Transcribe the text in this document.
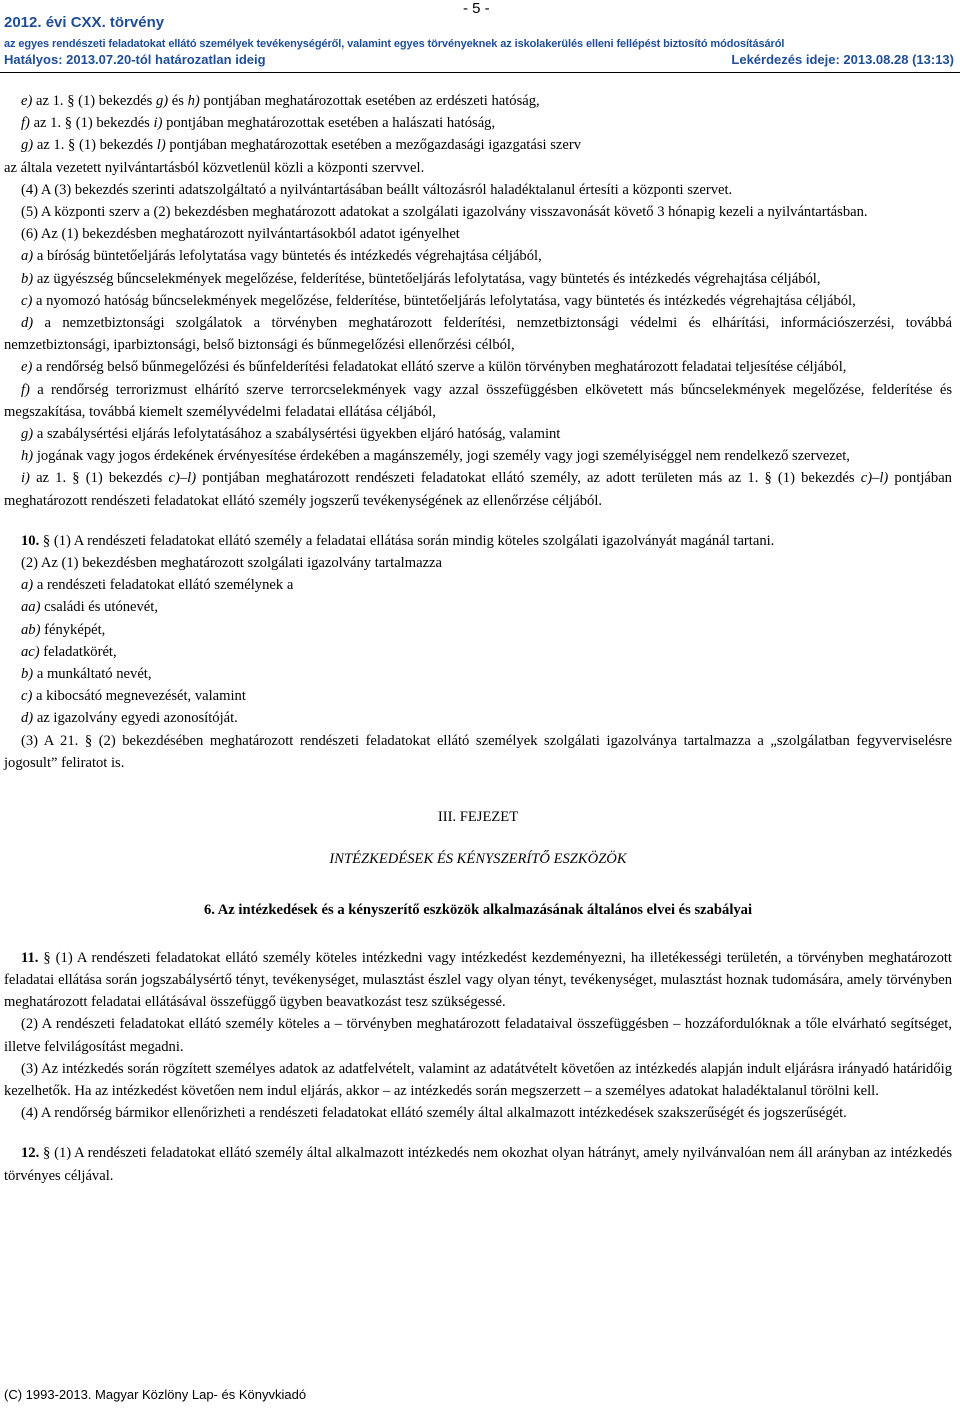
- 5 -
2012. évi CXX. törvény
az egyes rendészeti feladatokat ellátó személyek tevékenységéről, valamint egyes törvényeknek az iskolakerülés elleni fellépést biztosító módosításáról
Hatályos: 2013.07.20-tól határozatlan ideig	Lekérdezés ideje: 2013.08.28 (13:13)

e) az 1. § (1) bekezdés g) és h) pontjában meghatározottak esetében az erdészeti hatóság,

f) az 1. § (1) bekezdés i) pontjában meghatározottak esetében a halászati hatóság,

g) az 1. § (1) bekezdés l) pontjában meghatározottak esetében a mezőgazdasági igazgatási szerv

az általa vezetett nyilvántartásból közvetlenül közli a központi szervvel.

(4) A (3) bekezdés szerinti adatszolgáltató a nyilvántartásában beállt változásról haladéktalanul értesíti a központi szervet.

(5) A központi szerv a (2) bekezdésben meghatározott adatokat a szolgálati igazolvány visszavonását követő 3 hónapig kezeli a nyilvántartásban.

(6) Az (1) bekezdésben meghatározott nyilvántartásokból adatot igényelhet

a) a bíróság büntetőeljárás lefolytatása vagy büntetés és intézkedés végrehajtása céljából,

b) az ügyészség bűncselekmények megelőzése, felderítése, büntetőeljárás lefolytatása, vagy büntetés és intézkedés végrehajtása céljából,

c) a nyomozó hatóság bűncselekmények megelőzése, felderítése, büntetőeljárás lefolytatása, vagy büntetés és intézkedés végrehajtása céljából,

d) a nemzetbiztonsági szolgálatok a törvényben meghatározott felderítési, nemzetbiztonsági védelmi és elhárítási, információszerzési, továbbá nemzetbiztonsági, iparbiztonsági, belső biztonsági és bűnmegelőzési ellenőrzési célból,

e) a rendőrség belső bűnmegelőzési és bűnfelderítési feladatokat ellátó szerve a külön törvényben meghatározott feladatai teljesítése céljából,

f) a rendőrség terrorizmust elhárító szerve terrorcselekmények vagy azzal összefüggésben elkövetett más bűncselekmények megelőzése, felderítése és megszakítása, továbbá kiemelt személyvédelmi feladatai ellátása céljából,

g) a szabálysértési eljárás lefolytatásához a szabálysértési ügyekben eljáró hatóság, valamint

h) jogának vagy jogos érdekének érvényesítése érdekében a magánszemély, jogi személy vagy jogi személyiséggel nem rendelkező szervezet,

i) az 1. § (1) bekezdés c)–l) pontjában meghatározott rendészeti feladatokat ellátó személy, az adott területen más az 1. § (1) bekezdés c)–l) pontjában meghatározott rendészeti feladatokat ellátó személy jogszerű tevékenységének az ellenőrzése céljából.

10. § (1) A rendészeti feladatokat ellátó személy a feladatai ellátása során mindig köteles szolgálati igazolványát magánál tartani.

(2) Az (1) bekezdésben meghatározott szolgálati igazolvány tartalmazza

a) a rendészeti feladatokat ellátó személynek a

aa) családi és utónevét,

ab) fényképét,

ac) feladatkörét,

b) a munkáltató nevét,

c) a kibocsátó megnevezését, valamint

d) az igazolvány egyedi azonosítóját.

(3) A 21. § (2) bekezdésében meghatározott rendészeti feladatokat ellátó személyek szolgálati igazolványa tartalmazza a „szolgálatban fegyverviselésre jogosult” feliratot is.

III. FEJEZET

INTÉZKEDÉSEK ÉS KÉNYSZERÍTŐ ESZKÖZÖK

6. Az intézkedések és a kényszerítő eszközök alkalmazásának általános elvei és szabályai

11. § (1) A rendészeti feladatokat ellátó személy köteles intézkedni vagy intézkedést kezdeményezni, ha illetékességi területén, a törvényben meghatározott feladatai ellátása során jogszabálysértő tényt, tevékenységet, mulasztást észlel vagy olyan tényt, tevékenységet, mulasztást hoznak tudomására, amely törvényben meghatározott feladatai ellátásával összefüggő ügyben beavatkozást tesz szükségessé.

(2) A rendészeti feladatokat ellátó személy köteles a – törvényben meghatározott feladataival összefüggésben – hozzáfordulóknak a tőle elvárható segítséget, illetve felvilágosítást megadni.

(3) Az intézkedés során rögzített személyes adatok az adatfelvételt, valamint az adatátvételt követően az intézkedés alapján indult eljárásra irányadó határidőig kezelhetők. Ha az intézkedést követően nem indul eljárás, akkor – az intézkedés során megszerzett – a személyes adatokat haladéktalanul törölni kell.

(4) A rendőrség bármikor ellenőrizheti a rendészeti feladatokat ellátó személy által alkalmazott intézkedések szakszerűségét és jogszerűségét.

12. § (1) A rendészeti feladatokat ellátó személy által alkalmazott intézkedés nem okozhat olyan hátrányt, amely nyilvánvalóan nem áll arányban az intézkedés törvényes céljával.

(C) 1993-2013. Magyar Közlöny Lap- és Könyvkiadó
